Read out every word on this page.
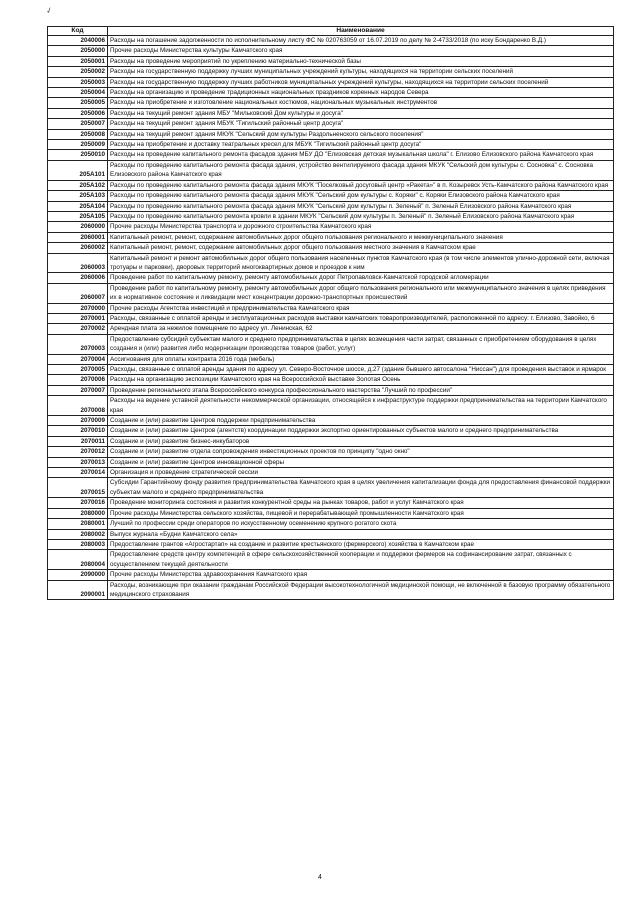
✓
Код	Наименование
2040006	Расходы на погашение задолженности по исполнительному листу ФС № 020763059 от 16.07.2019 по делу № 2-4733/2018 (по иску Бондаренко В.Д.)
2050000	Прочие расходы Министерства культуры Камчатского края
2050001	Расходы на проведение мероприятий по укреплению материально-технической базы
2050002	Расходы на государственную поддержку лучших муниципальных учреждений культуры, находящихся на территории сельских поселений
2050003	Расходы на государственную поддержку лучших работников муниципальных учреждений культуры, находящихся на территории сельских поселений
2050004	Расходы на организацию и проведение традиционных национальных праздников коренных народов Севера
2050005	Расходы на приобретение и изготовление национальных костюмов, национальных музыкальных инструментов
2050006	Расходы на текущий ремонт здания МБУ "Мильковский Дом культуры и досуга"
2050007	Расходы на текущий ремонт здания МБУК "Тигильский районный центр досуга"
2050008	Расходы на текущий ремонт здания МКУК "Сельский дом культуры Раздольненского сельского поселения"
2050009	Расходы на приобретение и доставку театральных кресел для МБУК "Тигильский районный центр досуга"
2050010	Расходы на проведение капитального ремонта фасадов здания МБУ ДО "Елизовская детская музыкальная школа" г. Елизово Елизовского района Камчатского края
205A101	Расходы по проведению капитального ремонта фасада здания, устройство вентилируемого фасада здания МКУК "Сельский дом культуры с. Сосновка" с. Сосновка Елизовского района Камчатского края
205A102	Расходы по проведению капитального ремонта фасада здания МКУК "Поселковый досуговый центр «Ракета»" в п. Козыревск Усть-Камчатского района Камчатского края
205A103	Расходы по проведению капитального ремонта фасада здания МКУК "Сельский дом культуры с. Коряки" с. Коряки Елизовского района Камчатского края
205A104	Расходы по проведению капитального ремонта фасада здания МКУК "Сельский дом культуры п. Зеленый" п. Зеленый Елизовского района Камчатского края
205A105	Расходы по проведению капитального ремонта кровли в здании МКУК "Сельский дом культуры п. Зеленый" п. Зеленый Елизовского района Камчатского края
2060000	Прочие расходы Министерства транспорта и дорожного строительства Камчатского края
2060001	Капитальный ремонт, ремонт, содержание автомобильных дорог общего пользования регионального и межмуниципального значения
2060002	Капитальный ремонт, ремонт, содержание автомобильных дорог общего пользования местного значения в Камчатском крае
2060003	Капитальный ремонт и ремонт автомобильных дорог общего пользования населенных пунктов Камчатского края (в том числе элементов улично-дорожной сети, включая тротуары и парковки), дворовых территорий многоквартирных домов и проездов к ним
2060006	Проведение работ по капитальному ремонту, ремонту автомобильных дорог Петропавловск-Камчатской городской агломерации
2060007	Проведение работ по капитальному ремонту, ремонту автомобильных дорог общего пользования регионального или межмуниципального значения в целях приведения их в нормативное состояние и ликвидации мест концентрации дорожно-транспортных происшествий
2070000	Прочие расходы Агентства инвестиций и предпринимательства Камчатского края
2070001	Расходы, связанные с оплатой аренды и эксплуатационных расходов выставки камчатских товаропроизводителей, расположенной по адресу: г. Елизово, Завойко, 6
2070002	Арендная плата за нежилое помещение по адресу ул. Ленинская, 62
2070003	Предоставление субсидий субъектам малого и среднего предпринимательства в целях возмещения части затрат, связанных с приобретением оборудования в целях создания и (или) развития либо модернизации производства товаров (работ, услуг)
2070004	Ассигнования для оплаты контракта 2016 года (мебель)
2070005	Расходы, связанные с оплатой аренды здания по адресу ул. Северо-Восточное шоссе, д.27 (здание бывшего автосалона "Ниссан") для проведения выставок и ярмарок
2070006	Расходы на организацию экспозиции Камчатского края на Всероссийской выставке Золотая Осень
2070007	Проведение регионального этапа Всероссийского конкурса профессионального мастерства "Лучший по профессии"
2070008	Расходы на ведение уставной деятельности некоммерческой организации, относящейся к инфраструктуре поддержки предпринимательства на территории Камчатского края
2070009	Создание и (или) развитие Центров поддержки предпринимательства
2070010	Создание и (или) развитие Центров (агентств) координации поддержки экспортно ориентированных субъектов малого и среднего предпринимательства
2070011	Создание и (или) развитие бизнес-инкубаторов
2070012	Создание и (или) развитие отдела сопровождения инвестиционных проектов по принципу "одно окно"
2070013	Создание и (или) развитие Центров инновационной сферы
2070014	Организация и проведение стратегической сессии
2070015	Субсидии Гарантийному фонду развития предпринимательства Камчатского края в целях увеличения капитализации фонда для предоставления финансовой поддержки субъектам малого и среднего предпринимательства
2070016	Проведение мониторинга состояния и развития конкурентной среды на рынках товаров, работ и услуг Камчатского края
2080000	Прочие расходы Министерства сельского хозяйства, пищевой и перерабатывающей промышленности Камчатского края
2080001	Лучший по профессии среди операторов по искусственному осеменению крупного рогатого скота
2080002	Выпуск журнала «Будни Камчатского села»
2080003	Предоставление грантов «Агростартап» на создание и развитие крестьянского (фермерского) хозяйства в Камчатском крае
2080004	Предоставление средств центру компетенций в сфере сельскохозяйственной кооперации и поддержки фермеров на софинансирование затрат, связанных с осуществлением текущей деятельности
2090000	Прочие расходы Министерства здравоохранения Камчатского края
2090001	Расходы, возникающие при оказании гражданам Российской Федерации высокотехнологичной медицинской помощи, не включенной в базовую программу обязательного медицинского страхования
4
